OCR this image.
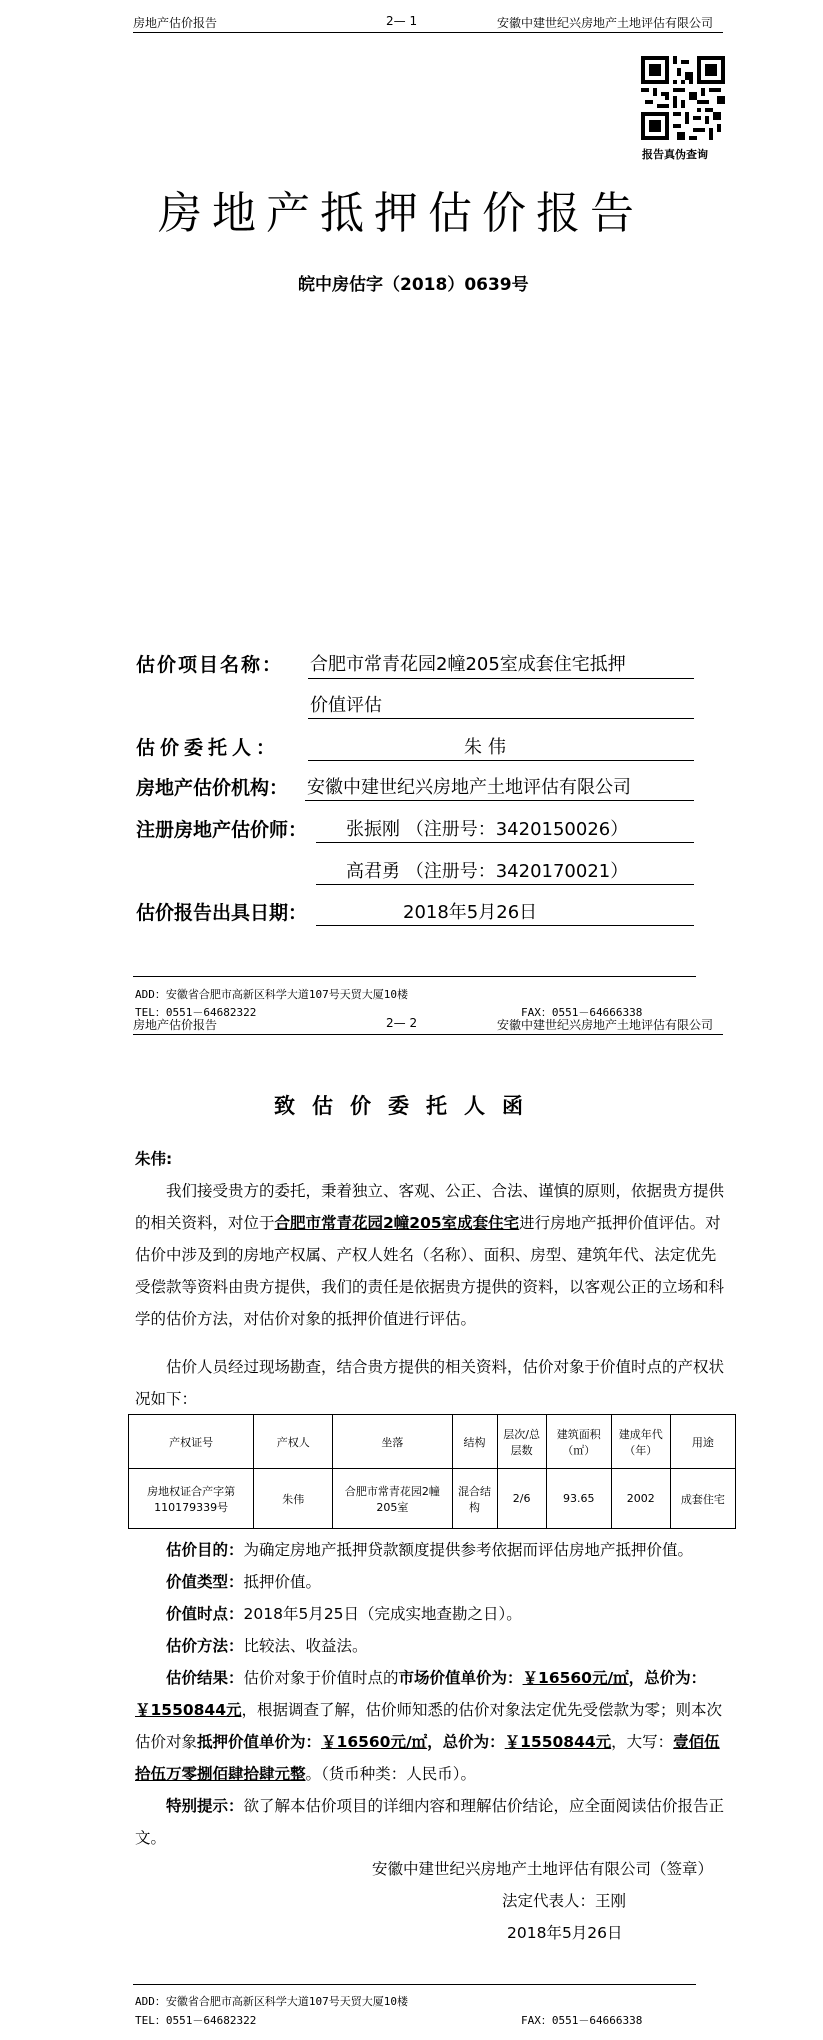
房地产估价报告	2— 1	安徽中建世纪兴房地产土地评估有限公司
报告真伪查询
房地产抵押估价报告
皖中房估字（2018）0639号
估价项目名称： 合肥市常青花园2幢205室成套住宅抵押
价值评估
估价委托人：	朱伟
房地产估价机构： 安徽中建世纪兴房地产土地评估有限公司
注册房地产估价师： 张振刚 （注册号：3420150026）
高君勇 （注册号：3420170021）
估价报告出具日期：	2018年5月26日
ADD：安徽省合肥市高新区科学大道107号天贸大厦10楼
TEL：0551－64682322	FAX：0551－64666338
房地产估价报告	2— 2	安徽中建世纪兴房地产土地评估有限公司
致估价委托人函
朱伟:
我们接受贵方的委托，秉着独立、客观、公正、合法、谨慎的原则，依据贵方提供的相关资料，对位于合肥市常青花园2幢205室成套住宅进行房地产抵押价值评估。对估价中涉及到的房地产权属、产权人姓名（名称）、面积、房型、建筑年代、法定优先受偿款等资料由贵方提供，我们的责任是依据贵方提供的资料，以客观公正的立场和科学的估价方法，对估价对象的抵押价值进行评估。
估价人员经过现场勘查，结合贵方提供的相关资料，估价对象于价值时点的产权状况如下：
产权证号	产权人	坐落	结构	层次/总层数	建筑面积（㎡）	建成年代（年）	用途
房地权证合产字第110179339号	朱伟	合肥市常青花园2幢205室	混合结构	2/6	93.65	2002	成套住宅
估价目的：为确定房地产抵押贷款额度提供参考依据而评估房地产抵押价值。
价值类型：抵押价值。
价值时点：2018年5月25日（完成实地查勘之日）。
估价方法：比较法、收益法。
估价结果：估价对象于价值时点的市场价值单价为：￥16560元/㎡，总价为：￥1550844元，根据调查了解，估价师知悉的估价对象法定优先受偿款为零；则本次估价对象抵押价值单价为：￥16560元/㎡，总价为：￥1550844元，大写：壹佰伍拾伍万零捌佰肆拾肆元整。（货币种类：人民币）。
特别提示：欲了解本估价项目的详细内容和理解估价结论，应全面阅读估价报告正文。
安徽中建世纪兴房地产土地评估有限公司（签章）
法定代表人：王刚
2018年5月26日
ADD：安徽省合肥市高新区科学大道107号天贸大厦10楼
TEL：0551－64682322	FAX：0551－64666338
